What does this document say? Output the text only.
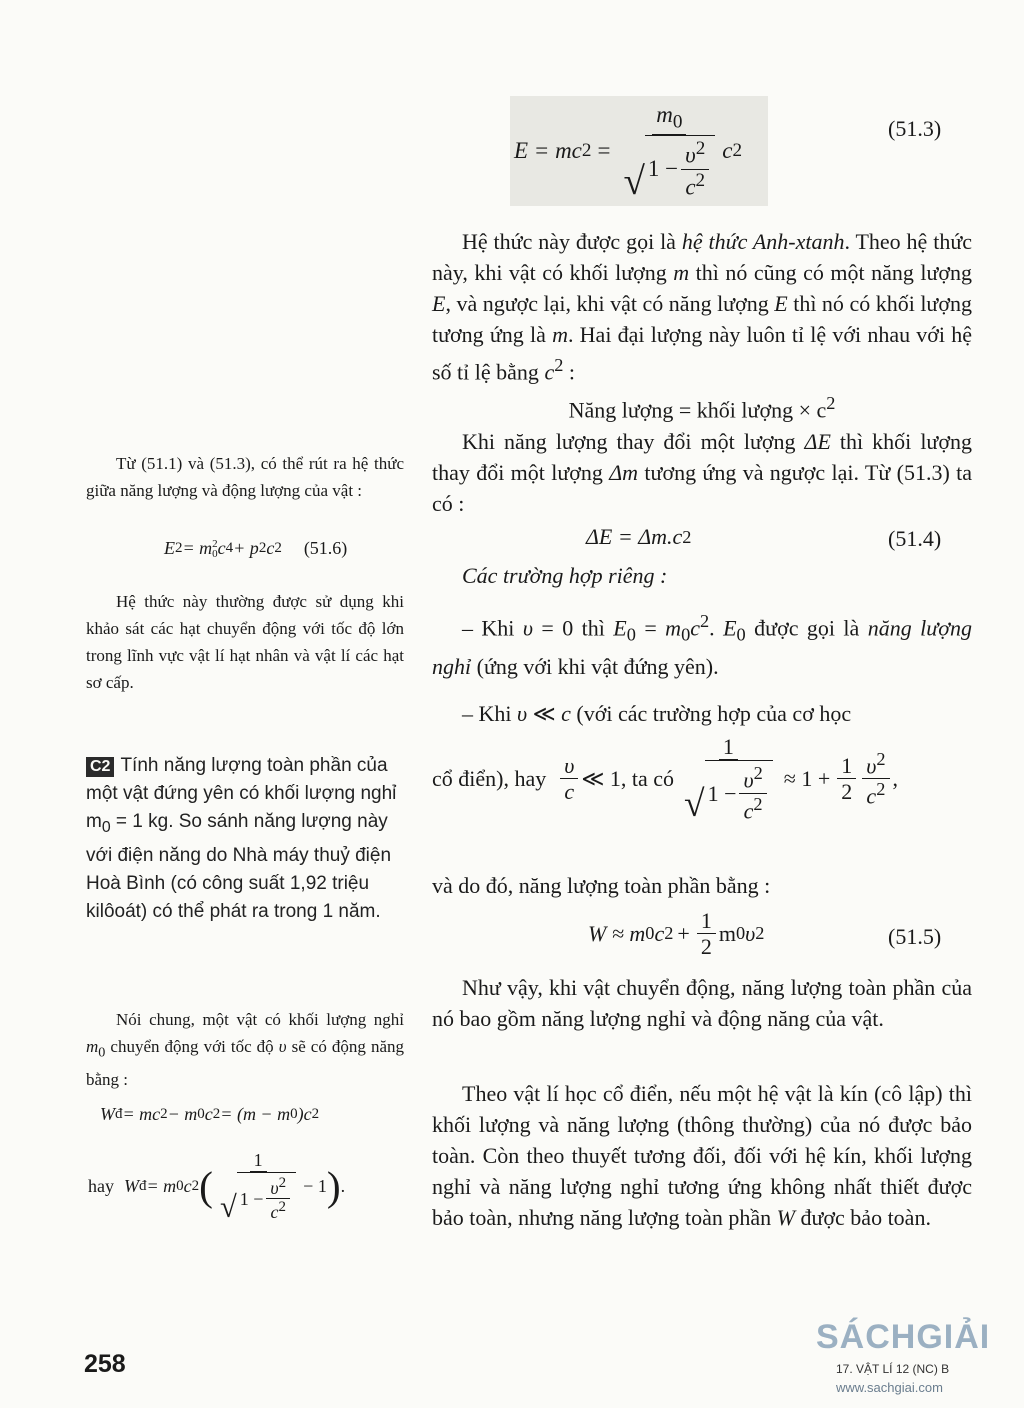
E = mc $2 = \frac{m_0}{√ 1 - \frac{\upsilon^2}{c^2}}$ c 2
(51.3)
Hệ thức này được gọi là hệ thức Anh-xtanh. Theo hệ thức này, khi vật có khối lượng m thì nó cũng có một năng lượng E, và ngược lại, khi vật có năng lượng E thì nó có khối lượng tương ứng là m. Hai đại lượng này luôn tỉ lệ với nhau với hệ số tỉ lệ bằng $c^2$ :
Năng lượng = khối lượng × $c^2$
Khi năng lượng thay đổi một lượng ΔE thì khối lượng thay đổi một lượng Δm tương ứng và ngược lại. Từ (51.3) ta có :
ΔE = Δm.c 2	(51.4)
Các trường hợp riêng :
– Khi υ = 0 thì $E_0 = m_0c^2$. $E_0$ được gọi là năng lượng nghỉ (ứng với khi vật đứng yên).
– Khi υ ≪ c (với các trường hợp của cơ học
cổ điển), hay $\frac{\upsilon}{c}$ ≪ 1, ta có $\frac{1}{√ 1 - \frac{\upsilon^2}{c^2}} \approx 1 + \frac{1}{2} \frac{\upsilon^2}{c^2}$ ,
và do đó, năng lượng toàn phần bằng :
W ≈ m 0 c $2 + \frac{1}{2}$ m 0 υ 2	(51.5)
Như vậy, khi vật chuyển động, năng lượng toàn phần của nó bao gồm năng lượng nghỉ và động năng của vật.
Theo vật lí học cổ điển, nếu một hệ vật là kín (cô lập) thì khối lượng và năng lượng (thông thường) của nó được bảo toàn. Còn theo thuyết tương đối, đối với hệ kín, khối lượng nghỉ và năng lượng nghỉ tương ứng không nhất thiết được bảo toàn, nhưng năng lượng toàn phần W được bảo toàn.
Từ (51.1) và (51.3), có thể rút ra hệ thức giữa năng lượng và động lượng của vật :
E 2 = m 2
0 c 4 + p 2 c 2 (51.6)
Hệ thức này thường được sử dụng khi khảo sát các hạt chuyển động với tốc độ lớn trong lĩnh vực vật lí hạt nhân và vật lí các hạt sơ cấp.
C2 Tính năng lượng toàn phần của một vật đứng yên có khối lượng nghỉ $m_0 = 1$ kg. So sánh năng lượng này với điện năng do Nhà máy thuỷ điện Hoà Bình (có công suất 1,92 triệu kilôoát) có thể phát ra trong 1 năm.
Nói chung, một vật có khối lượng nghỉ $m_0$ chuyển động với tốc độ υ sẽ có động năng bằng :
W đ = mc 2 − m 0 c 2 = (m − m 0 )c 2
hay W đ = m 0 c 2 ( $\frac{1}{√ 1 - \frac{\upsilon^2}{c^2}} - 1$ ) .
258
SÁCHGIẢI
17. VẬT LÍ 12 (NC) B
www.sachgiai.com
